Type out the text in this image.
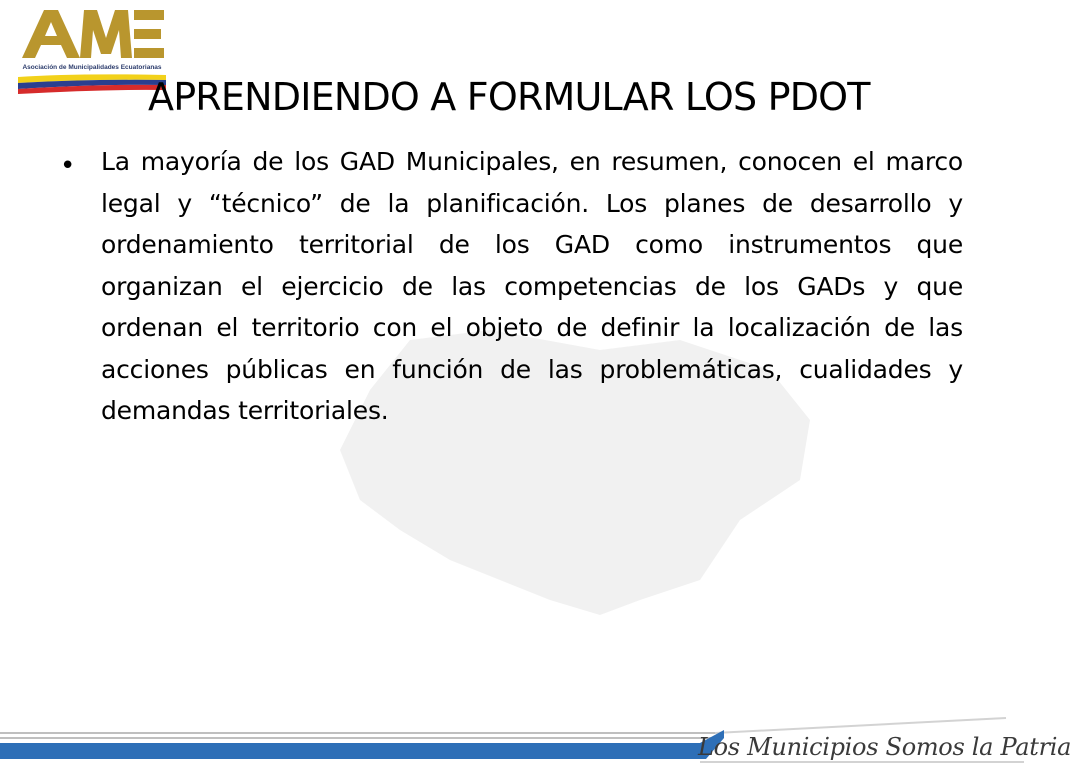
Asociación de Municipalidades Ecuatorianas
APRENDIENDO A FORMULAR LOS PDOT
• La mayoría de los GAD Municipales, en resumen, conocen el marco legal y “técnico” de la planificación. Los planes de desarrollo y ordenamiento territorial de los GAD como instrumentos que organizan el ejercicio de las competencias de los GADs y que ordenan el territorio con el objeto de definir la localización de las acciones públicas en función de las problemáticas, cualidades y demandas territoriales.

Los Municipios Somos la Patria
